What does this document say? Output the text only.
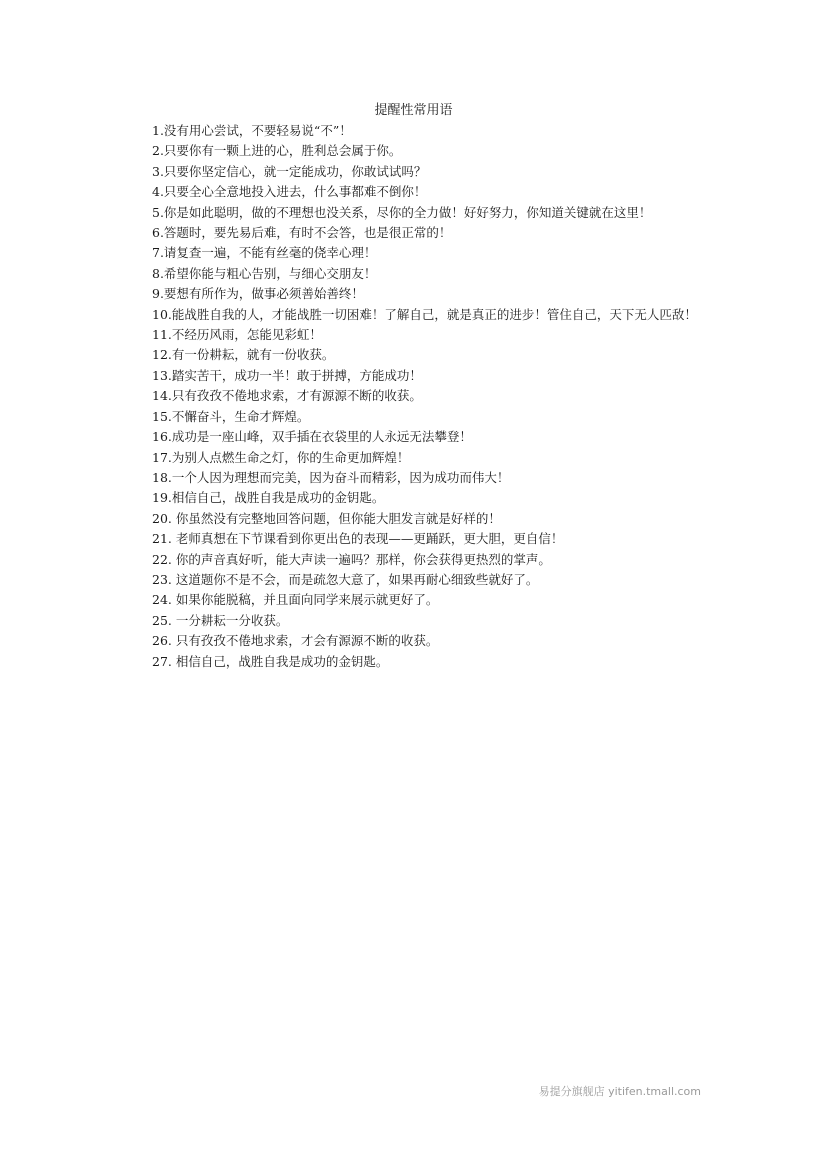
提醒性常用语
1.没有用心尝试，不要轻易说“不”！
2.只要你有一颗上进的心，胜利总会属于你。
3.只要你坚定信心，就一定能成功，你敢试试吗？
4.只要全心全意地投入进去，什么事都难不倒你！
5.你是如此聪明，做的不理想也没关系，尽你的全力做！好好努力，你知道关键就在这里！
6.答题时，要先易后难，有时不会答，也是很正常的！
7.请复查一遍，不能有丝毫的侥幸心理！
8.希望你能与粗心告别，与细心交朋友！
9.要想有所作为，做事必须善始善终！
10.能战胜自我的人，才能战胜一切困难！了解自己，就是真正的进步！管住自己，天下无人匹敌！
11.不经历风雨，怎能见彩虹！
12.有一份耕耘，就有一份收获。
13.踏实苦干，成功一半！敢于拼搏，方能成功！
14.只有孜孜不倦地求索，才有源源不断的收获。
15.不懈奋斗，生命才辉煌。
16.成功是一座山峰，双手插在衣袋里的人永远无法攀登！
17.为别人点燃生命之灯，你的生命更加辉煌！
18.一个人因为理想而完美，因为奋斗而精彩，因为成功而伟大！
19.相信自己，战胜自我是成功的金钥匙。
20. 你虽然没有完整地回答问题，但你能大胆发言就是好样的！
21. 老师真想在下节课看到你更出色的表现——更踊跃，更大胆，更自信！
22. 你的声音真好听，能大声读一遍吗？那样，你会获得更热烈的掌声。
23. 这道题你不是不会，而是疏忽大意了，如果再耐心细致些就好了。
24. 如果你能脱稿，并且面向同学来展示就更好了。
25. 一分耕耘一分收获。
26. 只有孜孜不倦地求索，才会有源源不断的收获。
27. 相信自己，战胜自我是成功的金钥匙。
易提分旗舰店 yitifen.tmall.com
